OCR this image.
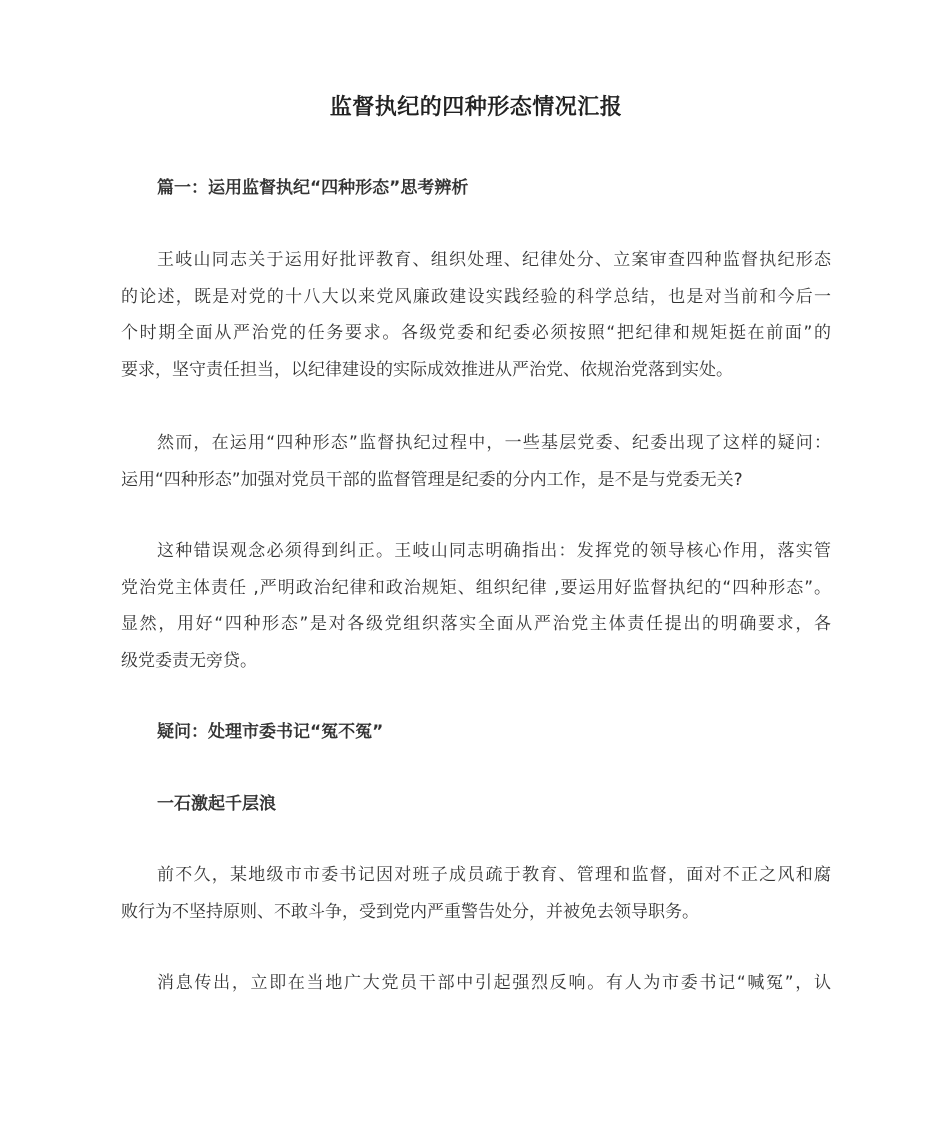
监督执纪的四种形态情况汇报
篇一：运用监督执纪“四种形态”思考辨析

王岐山同志关于运用好批评教育、组织处理、纪律处分、立案审查四种监督执纪形态
的论述，既是对党的十八大以来党风廉政建设实践经验的科学总结，也是对当前和今后一
个时期全面从严治党的任务要求。各级党委和纪委必须按照“把纪律和规矩挺在前面”的
要求，坚守责任担当，以纪律建设的实际成效推进从严治党、依规治党落到实处。

然而，在运用“四种形态”监督执纪过程中，一些基层党委、纪委出现了这样的疑问：
运用“四种形态”加强对党员干部的监督管理是纪委的分内工作，是不是与党委无关?

这种错误观念必须得到纠正。王岐山同志明确指出：发挥党的领导核心作用，落实管
党治党主体责任 ,严明政治纪律和政治规矩、组织纪律 ,要运用好监督执纪的“四种形态”。
显然，用好“四种形态”是对各级党组织落实全面从严治党主体责任提出的明确要求，各
级党委责无旁贷。

疑问：处理市委书记“冤不冤”
一石激起千层浪

前不久，某地级市市委书记因对班子成员疏于教育、管理和监督，面对不正之风和腐
败行为不坚持原则、不敢斗争，受到党内严重警告处分，并被免去领导职务。

消息传出，立即在当地广大党员干部中引起强烈反响。有人为市委书记“喊冤”，认
